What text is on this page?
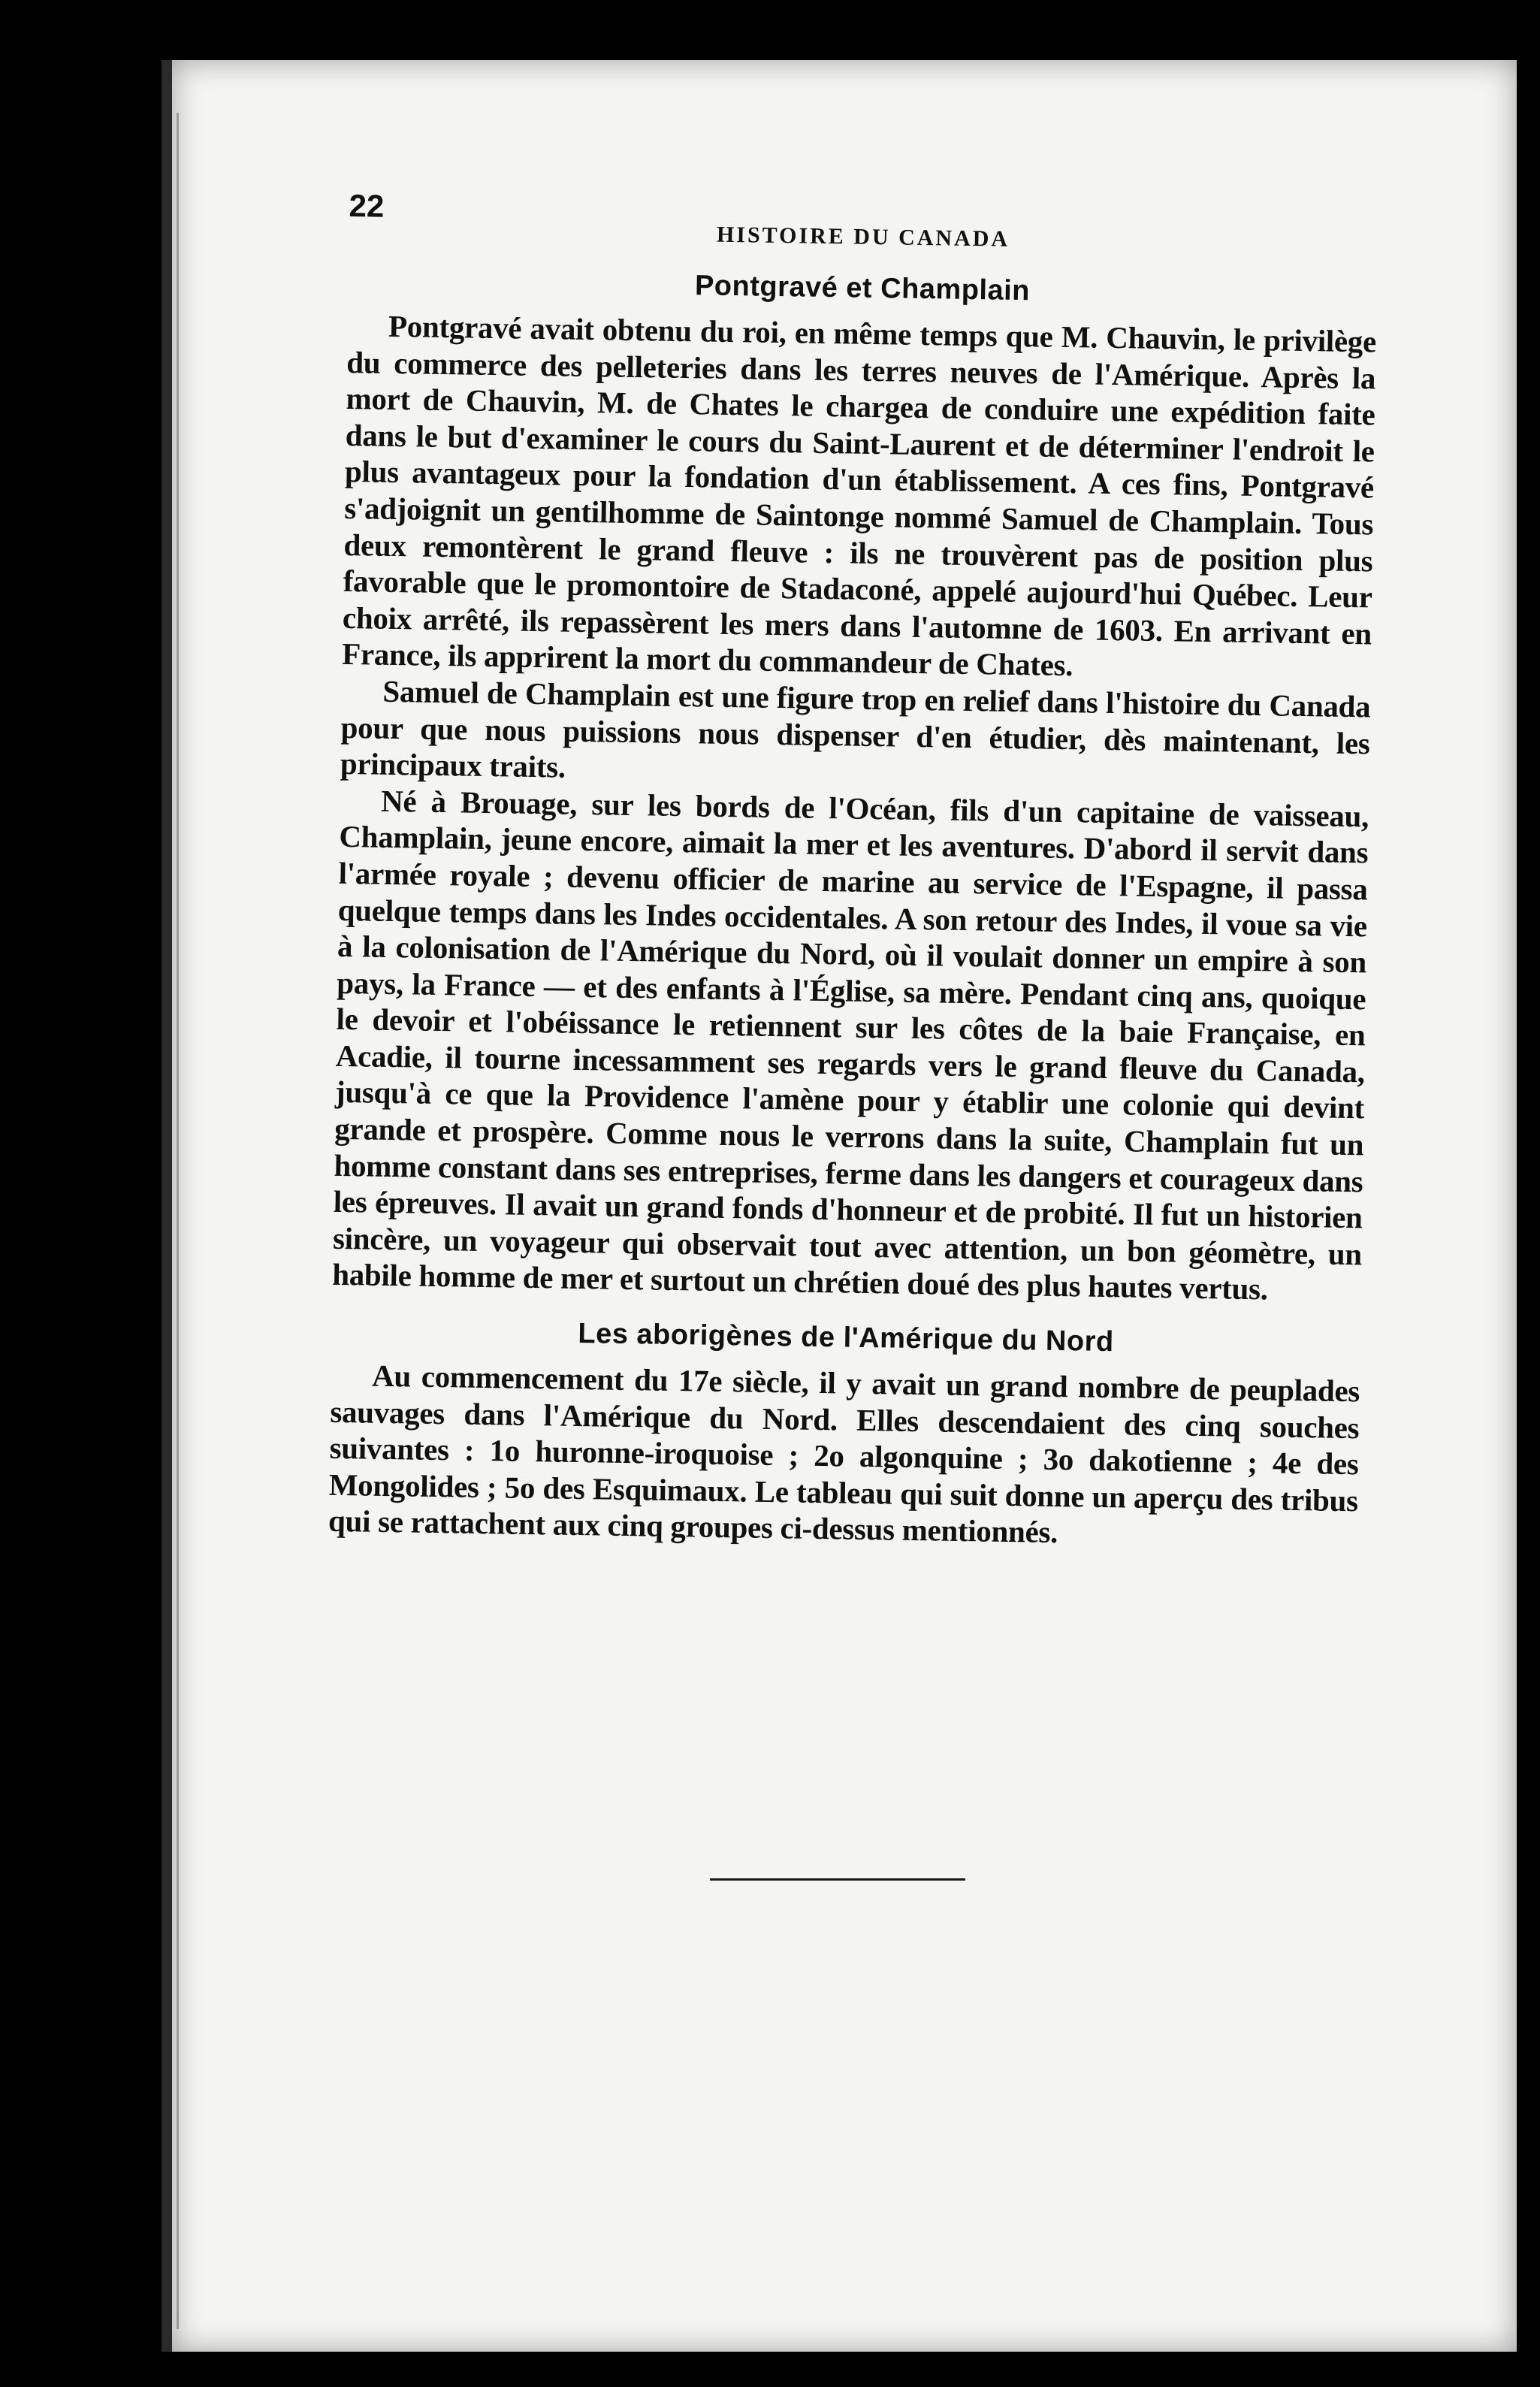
22
HISTOIRE DU CANADA
Pontgravé et Champlain

Pontgravé avait obtenu du roi, en même temps que M. Chauvin, le privilège du commerce des pelleteries dans les terres neuves de l'Amérique. Après la mort de Chauvin, M. de Chates le chargea de conduire une expédition faite dans le but d'examiner le cours du Saint-Laurent et de déterminer l'endroit le plus avantageux pour la fondation d'un établissement. A ces fins, Pontgravé s'adjoignit un gentilhomme de Saintonge nommé Samuel de Champlain. Tous deux remontèrent le grand fleuve : ils ne trouvèrent pas de position plus favorable que le promontoire de Stadaconé, appelé aujourd'hui Québec. Leur choix arrêté, ils repassèrent les mers dans l'automne de 1603. En arrivant en France, ils apprirent la mort du commandeur de Chates.

Samuel de Champlain est une figure trop en relief dans l'histoire du Canada pour que nous puissions nous dispenser d'en étudier, dès maintenant, les principaux traits.

Né à Brouage, sur les bords de l'Océan, fils d'un capitaine de vaisseau, Champlain, jeune encore, aimait la mer et les aventures. D'abord il servit dans l'armée royale ; devenu officier de marine au service de l'Espagne, il passa quelque temps dans les Indes occidentales. A son retour des Indes, il voue sa vie à la colonisation de l'Amérique du Nord, où il voulait donner un empire à son pays, la France — et des enfants à l'Église, sa mère. Pendant cinq ans, quoique le devoir et l'obéissance le retiennent sur les côtes de la baie Française, en Acadie, il tourne incessamment ses regards vers le grand fleuve du Canada, jusqu'à ce que la Providence l'amène pour y établir une colonie qui devint grande et prospère. Comme nous le verrons dans la suite, Champlain fut un homme constant dans ses entreprises, ferme dans les dangers et courageux dans les épreuves. Il avait un grand fonds d'honneur et de probité. Il fut un historien sincère, un voyageur qui observait tout avec attention, un bon géomètre, un habile homme de mer et surtout un chrétien doué des plus hautes vertus.

Les aborigènes de l'Amérique du Nord

Au commencement du 17e siècle, il y avait un grand nombre de peuplades sauvages dans l'Amérique du Nord. Elles descendaient des cinq souches suivantes : 1o huronne-iroquoise ; 2o algonquine ; 3o dakotienne ; 4e des Mongolides ; 5o des Esquimaux. Le tableau qui suit donne un aperçu des tribus qui se rattachent aux cinq groupes ci-dessus mentionnés.
